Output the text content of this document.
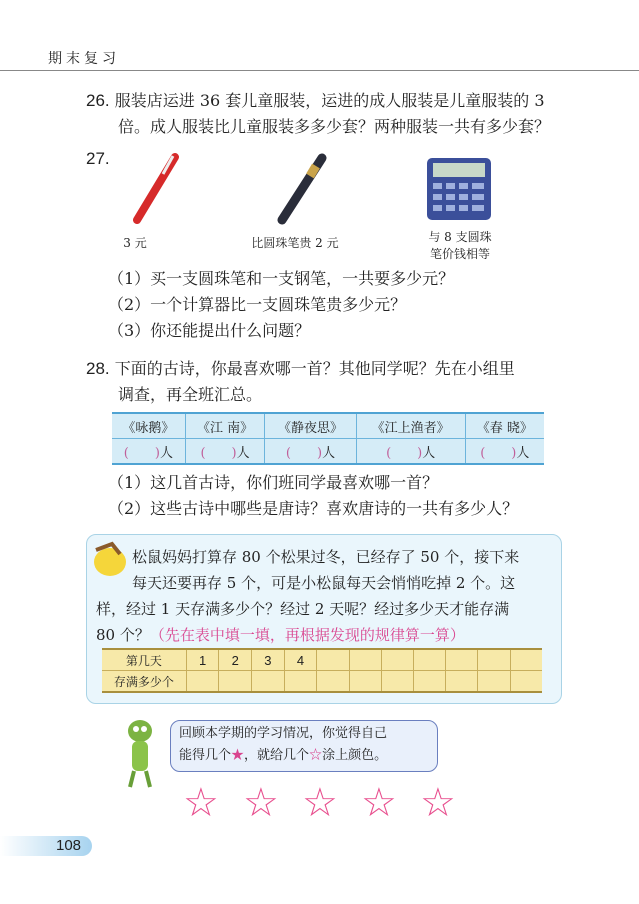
期末复习
26. 服装店运进 36 套儿童服装，运进的成人服装是儿童服装的 3
倍。成人服装比儿童服装多多少套？两种服装一共有多少套？
27.
3 元	比圆珠笔贵 2 元	与 8 支圆珠
笔价钱相等
（1）买一支圆珠笔和一支钢笔，一共要多少元？
（2）一个计算器比一支圆珠笔贵多少元？
（3）你还能提出什么问题？
28. 下面的古诗，你最喜欢哪一首？其他同学呢？先在小组里
调查，再全班汇总。
《咏鹅》	《江 南》	《静夜思》	《江上渔者》	《春 晓》
(　　)人	(　　)人	(　　)人	(　　)人	(　　)人
（1）这几首古诗，你们班同学最喜欢哪一首？
（2）这些古诗中哪些是唐诗？喜欢唐诗的一共有多少人？
松鼠妈妈打算存 80 个松果过冬，已经存了 50 个，接下来
每天还要再存 5 个，可是小松鼠每天会悄悄吃掉 2 个。这
样，经过 1 天存满多少个？经过 2 天呢？经过多少天才能存满
80 个？（先在表中填一填，再根据发现的规律算一算）
第几天	1	2	3	4							
存满多少个											
回顾本学期的学习情况，你觉得自己
能得几个★，就给几个☆涂上颜色。
☆ ☆ ☆ ☆ ☆
108
